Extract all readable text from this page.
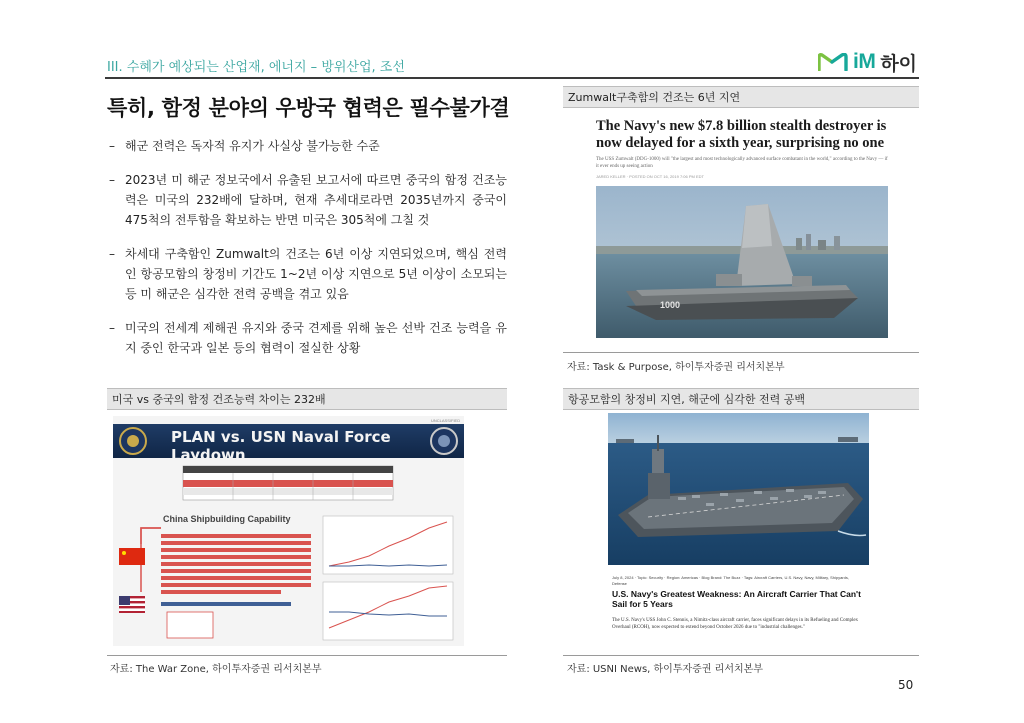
III. 수혜가 예상되는 산업재, 에너지 – 방위산업, 조선	iM 하이
특히, 함정 분야의 우방국 협력은 필수불가결
– 해군 전력은 독자적 유지가 사실상 불가능한 수준
– 2023년 미 해군 정보국에서 유출된 보고서에 따르면 중국의 함정 건조능력은 미국의 232배에 달하며, 현재 추세대로라면 2035년까지 중국이 475척의 전투함을 확보하는 반면 미국은 305척에 그칠 것
– 차세대 구축함인 Zumwalt의 건조는 6년 이상 지연되었으며, 핵심 전력인 항공모함의 창정비 기간도 1~2년 이상 지연으로 5년 이상이 소모되는 등 미 해군은 심각한 전력 공백을 겪고 있음
– 미국의 전세계 제해권 유지와 중국 견제를 위해 높은 선박 건조 능력을 유지 중인 한국과 일본 등의 협력이 절실한 상황
Zumwalt구축함의 건조는 6년 지연
The Navy's new $7.8 billion stealth destroyer is now delayed for a sixth year, surprising no one
The USS Zumwalt (DDG-1000) will "the largest and most technologically advanced surface combatant in the world," according to the Navy — if it ever ends up seeing action
JARED KELLER · POSTED ON OCT 16, 2019 7:06 PM EDT
1000
자료: Task & Purpose, 하이투자증권 리서치본부
미국 vs 중국의 함정 건조능력 차이는 232배
UNCLASSIFIED
PLAN vs. USN Naval Force Laydown
China Shipbuilding Capability
자료: The War Zone, 하이투자증권 리서치본부
항공모함의 창정비 지연, 해군에 심각한 전력 공백
July 8, 2024 · Topic: Security · Region: Americas · Blog Brand: The Buzz · Tags: Aircraft Carriers, U.S. Navy, Navy, Military, Shipyards, Defense
U.S. Navy's Greatest Weakness: An Aircraft Carrier That Can't Sail for 5 Years
The U.S. Navy's USS John C. Stennis, a Nimitz-class aircraft carrier, faces significant delays in its Refueling and Complex Overhaul (RCOH), now expected to extend beyond October 2026 due to "industrial challenges."
자료: USNI News, 하이투자증권 리서치본부
50
